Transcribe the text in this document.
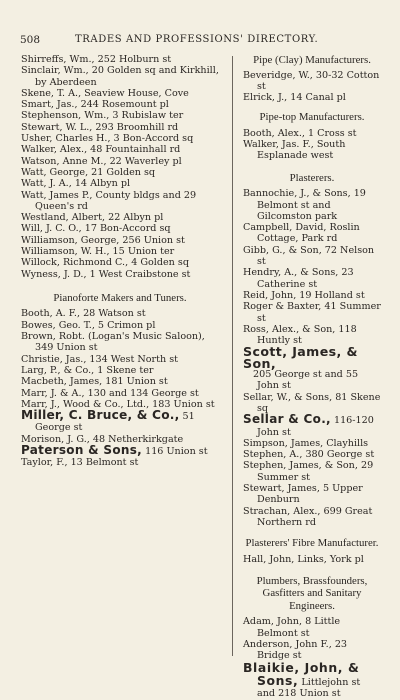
508	TRADES AND PROFESSIONS' DIRECTORY.
Shirreffs, Wm., 252 Holburn st
Sinclair, Wm., 20 Golden sq and Kirkhill, by Aberdeen
Skene, T. A., Seaview House, Cove
Smart, Jas., 244 Rosemount pl
Stephenson, Wm., 3 Rubislaw ter
Stewart, W. L., 293 Broomhill rd
Usher, Charles H., 3 Bon-Accord sq
Walker, Alex., 48 Fountainhall rd
Watson, Anne M., 22 Waverley pl
Watt, George, 21 Golden sq
Watt, J. A., 14 Albyn pl
Watt, James P., County bldgs and 29 Queen's rd
Westland, Albert, 22 Albyn pl
Will, J. C. O., 17 Bon-Accord sq
Williamson, George, 256 Union st
Williamson, W. H., 15 Union ter
Willock, Richmond C., 4 Golden sq
Wyness, J. D., 1 West Craibstone st
Pianoforte Makers and Tuners.
Booth, A. F., 28 Watson st
Bowes, Geo. T., 5 Crimon pl
Brown, Robt. (Logan's Music Saloon), 349 Union st
Christie, Jas., 134 West North st
Larg, P., & Co., 1 Skene ter
Macbeth, James, 181 Union st
Marr, J. & A., 130 and 134 George st
Marr, J., Wood & Co., Ltd., 183 Union st
Miller, C. Bruce, & Co., 51 George st
Morison, J. G., 48 Netherkirkgate
Paterson & Sons, 116 Union st
Taylor, F., 13 Belmont st
Pipe (Clay) Manufacturers.
Beveridge, W., 30-32 Cotton st
Elrick, J., 14 Canal pl
Pipe-top Manufacturers.
Booth, Alex., 1 Cross st
Walker, Jas. F., South Esplanade west
Plasterers.
Bannochie, J., & Sons, 19 Belmont st and Gilcomston park
Campbell, David, Roslin Cottage, Park rd
Gibb, G., & Son, 72 Nelson st
Hendry, A., & Sons, 23 Catherine st
Reid, John, 19 Holland st
Roger & Baxter, 41 Summer st
Ross, Alex., & Son, 118 Huntly st
Scott, James, & Son,
205 George st and 55 John st
Sellar, W., & Sons, 81 Skene sq
Sellar & Co., 116-120 John st
Simpson, James, Clayhills
Stephen, A., 380 George st
Stephen, James, & Son, 29 Summer st
Stewart, James, 5 Upper Denburn
Strachan, Alex., 699 Great Northern rd
Plasterers' Fibre Manufacturer.
Hall, John, Links, York pl
Plumbers, Brassfounders, Gasfitters and Sanitary Engineers.
Adam, John, 8 Little Belmont st
Anderson, John F., 23 Bridge st
Blaikie, John, & Sons, Littlejohn st and 218 Union st
